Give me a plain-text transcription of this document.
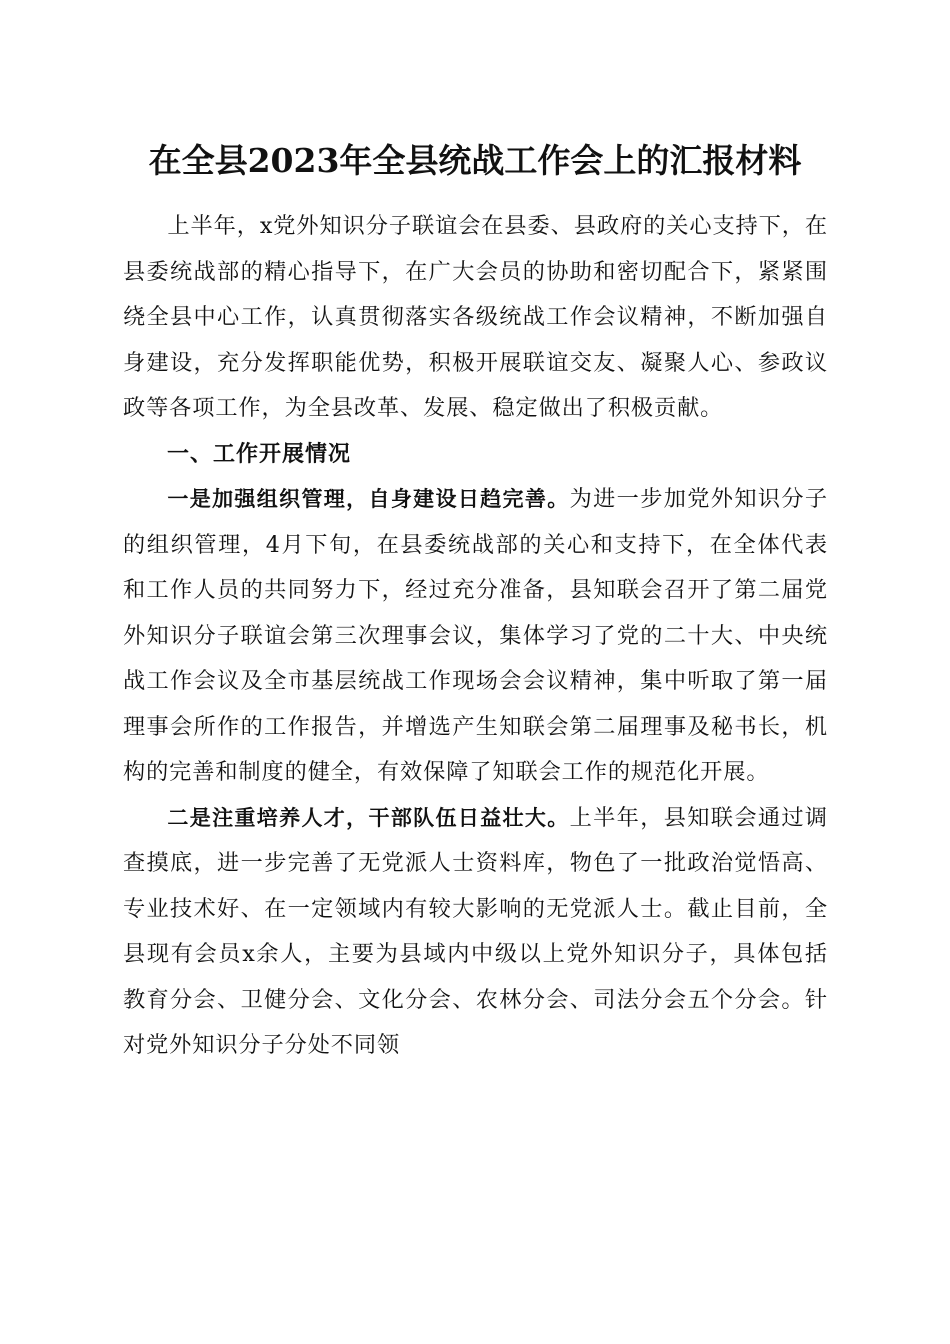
在全县2023年全县统战工作会上的汇报材料

上半年，x党外知识分子联谊会在县委、县政府的关心支持下，在县委统战部的精心指导下，在广大会员的协助和密切配合下，紧紧围绕全县中心工作，认真贯彻落实各级统战工作会议精神，不断加强自身建设，充分发挥职能优势，积极开展联谊交友、凝聚人心、参政议政等各项工作，为全县改革、发展、稳定做出了积极贡献。

一、工作开展情况

一是加强组织管理，自身建设日趋完善。为进一步加党外知识分子的组织管理，4月下旬，在县委统战部的关心和支持下，在全体代表和工作人员的共同努力下，经过充分准备，县知联会召开了第二届党外知识分子联谊会第三次理事会议，集体学习了党的二十大、中央统战工作会议及全市基层统战工作现场会会议精神，集中听取了第一届理事会所作的工作报告，并增选产生知联会第二届理事及秘书长，机构的完善和制度的健全，有效保障了知联会工作的规范化开展。

二是注重培养人才，干部队伍日益壮大。上半年，县知联会通过调查摸底，进一步完善了无党派人士资料库，物色了一批政治觉悟高、专业技术好、在一定领域内有较大影响的无党派人士。截止目前，全县现有会员x余人，主要为县域内中级以上党外知识分子，具体包括教育分会、卫健分会、文化分会、农林分会、司法分会五个分会。针对党外知识分子分处不同领
